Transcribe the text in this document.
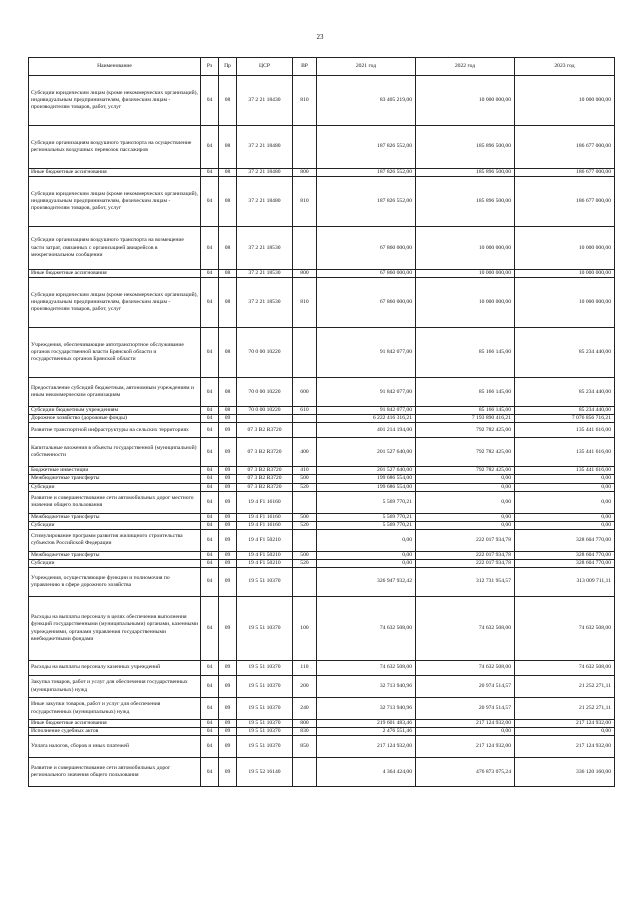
23
Наименование	Рз	Пр	ЦСР	ВР	2021 год	2022 год	2023 год
Субсидии юридическим лицам (кроме некоммерческих организаций), индивидуальным предпринимателям, физическим лицам - производителям товаров, работ, услуг	04	08	37 2 21 18430	810	83 405 219,00	10 000 000,00	10 000 000,00
Субсидии организациям воздушного транспорта на осуществление региональных воздушных перевозок пассажиров	04	08	37 2 21 18480		187 826 552,00	185 896 500,00	186 677 000,00
Иные бюджетные ассигнования	04	08	37 2 21 18480	800	187 826 552,00	185 896 500,00	186 677 000,00
Субсидии юридическим лицам (кроме некоммерческих организаций), индивидуальным предпринимателям, физическим лицам - производителям товаров, работ, услуг	04	08	37 2 21 18480	810	187 826 552,00	185 896 500,00	186 677 000,00
Субсидии организациям воздушного транспорта на возмещение части затрат, связанных с организацией авиарейсов в межрегиональном сообщении	04	08	37 2 21 18530		67 860 000,00	10 000 000,00	10 000 000,00
Иные бюджетные ассигнования	04	08	37 2 21 18530	800	67 860 000,00	10 000 000,00	10 000 000,00
Субсидии юридическим лицам (кроме некоммерческих организаций), индивидуальным предпринимателям, физическим лицам - производителям товаров, работ, услуг	04	08	37 2 21 18530	810	67 860 000,00	10 000 000,00	10 000 000,00
Учреждения, обеспечивающие автотранспортное обслуживание органов государственной власти Брянской области и государственных органов Брянской области	04	08	70 0 00 10220		91 842 077,00	85 166 145,00	85 234 440,00
Предоставление субсидий бюджетным, автономным учреждениям и иным некоммерческим организациям	04	08	70 0 00 10220	600	91 842 077,00	85 166 145,00	85 234 440,00
Субсидии бюджетным учреждениям	04	08	70 0 00 10220	610	91 842 077,00	85 166 145,00	85 234 440,00
Дорожное хозяйство (дорожные фонды)	04	09			6 222 416 316,21	7 193 890 416,21	7 076 856 716,21
Развитие транспортной инфраструктуры на сельских территориях	04	09	07 3 B2 R3720		401 214 194,00	792 782 425,00	135 441 616,00
Капитальные вложения в объекты государственной (муниципальной) собственности	04	09	07 3 B2 R3720	400	201 527 640,00	792 782 425,00	135 441 616,00
Бюджетные инвестиции	04	09	07 3 B2 R3720	410	201 527 640,00	792 782 425,00	135 441 616,00
Межбюджетные трансферты	04	09	07 3 B2 R3720	500	199 686 554,00	0,00	0,00
Субсидии	04	09	07 3 B2 R3720	520	199 686 554,00	0,00	0,00
Развитие и совершенствование сети автомобильных дорог местного значения общего пользования	04	09	19 4 F1 16160		5 569 770,21	0,00	0,00
Межбюджетные трансферты	04	09	19 4 F1 16160	500	5 569 770,21	0,00	0,00
Субсидии	04	09	19 4 F1 16160	520	5 569 770,21	0,00	0,00
Стимулирование программ развития жилищного строительства субъектов Российской Федерации	04	09	19 4 F1 50210		0,00	222 017 934,78	328 604 770,00
Межбюджетные трансферты	04	09	19 4 F1 50210	500	0,00	222 017 934,78	328 604 770,00
Субсидии	04	09	19 4 F1 50210	520	0,00	222 017 934,78	328 604 770,00
Учреждения, осуществляющие функции и полномочия по управлению в сфере дорожного хозяйства	04	09	19 5 51 10370		326 947 932,42	312 731 954,57	313 009 711,11
Расходы на выплаты персоналу в целях обеспечения выполнения функций государственными (муниципальными) органами, казенными учреждениями, органами управления государственными внебюджетными фондами	04	09	19 5 51 10370	100	74 632 508,00	74 632 508,00	74 632 508,00
Расходы на выплаты персоналу казенных учреждений	04	09	19 5 51 10370	110	74 632 508,00	74 632 508,00	74 632 508,00
Закупка товаров, работ и услуг для обеспечения государственных (муниципальных) нужд	04	09	19 5 51 10370	200	32 713 940,96	20 974 514,57	21 252 271,11
Иные закупки товаров, работ и услуг для обеспечения государственных (муниципальных) нужд	04	09	19 5 51 10370	240	32 713 940,96	20 974 514,57	21 252 271,11
Иные бюджетные ассигнования	04	09	19 5 51 10370	800	219 601 483,46	217 124 932,00	217 124 932,00
Исполнение судебных актов	04	09	19 5 51 10370	830	2 476 551,46	0,00	0,00
Уплата налогов, сборов и иных платежей	04	09	19 5 51 10370	850	217 124 932,00	217 124 932,00	217 124 932,00
Развитие и совершенствование сети автомобильных дорог регионального значения общего пользования	04	09	19 5 52 16140		4 364 424,00	476 873 075,24	336 120 160,00
